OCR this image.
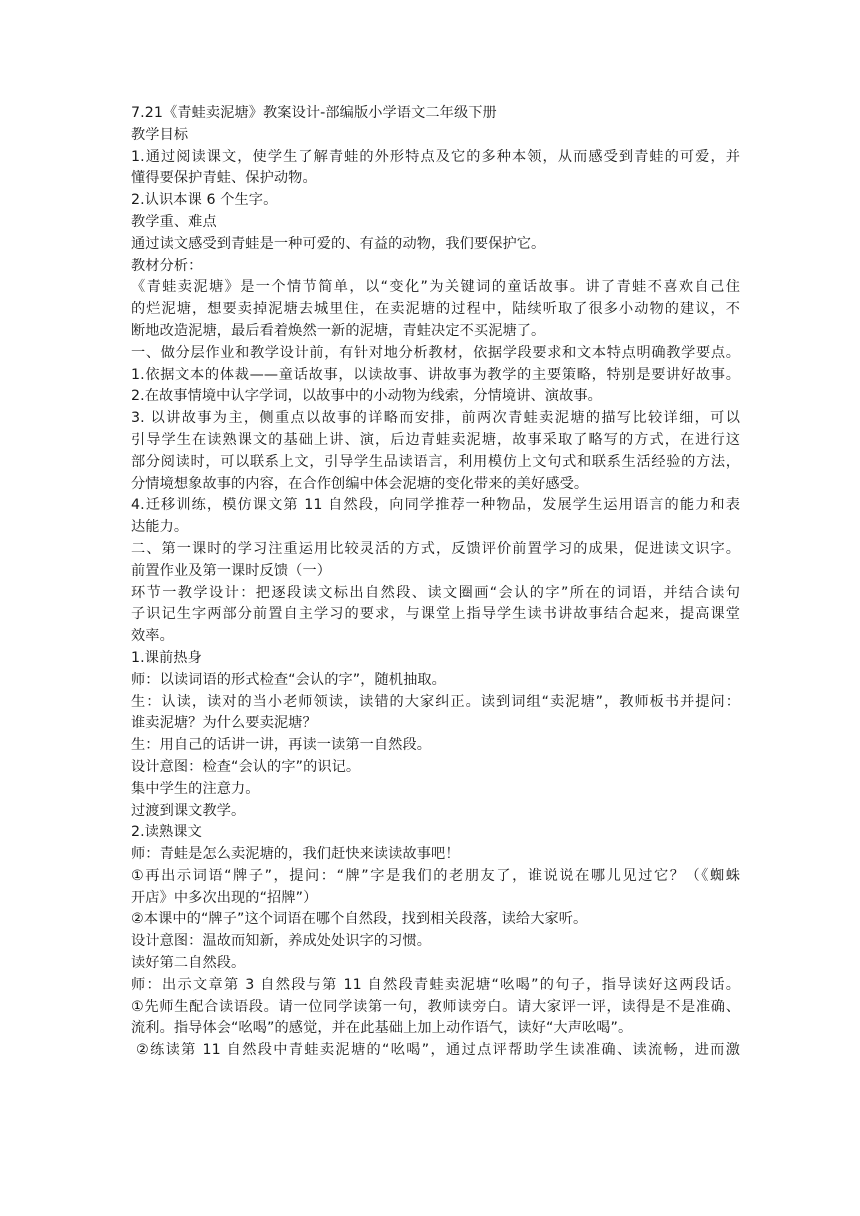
7.21《青蛙卖泥塘》教案设计-部编版小学语文二年级下册
教学目标
1.通过阅读课文，使学生了解青蛙的外形特点及它的多种本领，从而感受到青蛙的可爱，并
懂得要保护青蛙、保护动物。
2.认识本课 6 个生字。
教学重、难点
通过读文感受到青蛙是一种可爱的、有益的动物，我们要保护它。
教材分析：
《青蛙卖泥塘》是一个情节简单，以“变化”为关键词的童话故事。讲了青蛙不喜欢自己住
的烂泥塘，想要卖掉泥塘去城里住，在卖泥塘的过程中，陆续听取了很多小动物的建议，不
断地改造泥塘，最后看着焕然一新的泥塘，青蛙决定不买泥塘了。
一、做分层作业和教学设计前，有针对地分析教材，依据学段要求和文本特点明确教学要点。
1.依据文本的体裁——童话故事，以读故事、讲故事为教学的主要策略，特别是要讲好故事。
2.在故事情境中认字学词，以故事中的小动物为线索，分情境讲、演故事。
3. 以讲故事为主，侧重点以故事的详略而安排，前两次青蛙卖泥塘的描写比较详细，可以
引导学生在读熟课文的基础上讲、演，后边青蛙卖泥塘，故事采取了略写的方式，在进行这
部分阅读时，可以联系上文，引导学生品读语言，利用模仿上文句式和联系生活经验的方法，
分情境想象故事的内容，在合作创编中体会泥塘的变化带来的美好感受。
4.迁移训练，模仿课文第 11 自然段，向同学推荐一种物品，发展学生运用语言的能力和表
达能力。
二、第一课时的学习注重运用比较灵活的方式，反馈评价前置学习的成果，促进读文识字。
前置作业及第一课时反馈（一）
环节一教学设计：把逐段读文标出自然段、读文圈画“会认的字”所在的词语，并结合读句
子识记生字两部分前置自主学习的要求，与课堂上指导学生读书讲故事结合起来，提高课堂
效率。
1.课前热身
师：以读词语的形式检查“会认的字”，随机抽取。
生：认读，读对的当小老师领读，读错的大家纠正。读到词组“卖泥塘”，教师板书并提问：
谁卖泥塘？为什么要卖泥塘？
生：用自己的话讲一讲，再读一读第一自然段。
设计意图：检查“会认的字”的识记。
集中学生的注意力。
过渡到课文教学。
2.读熟课文
师：青蛙是怎么卖泥塘的，我们赶快来读读故事吧！
①再出示词语“牌子”，提问：“牌”字是我们的老朋友了，谁说说在哪儿见过它？（《蜘蛛
开店》中多次出现的“招牌”）
②本课中的“牌子”这个词语在哪个自然段，找到相关段落，读给大家听。
设计意图：温故而知新，养成处处识字的习惯。
读好第二自然段。
师：出示文章第 3 自然段与第 11 自然段青蛙卖泥塘“吆喝”的句子，指导读好这两段话。
①先师生配合读语段。请一位同学读第一句，教师读旁白。请大家评一评，读得是不是准确、
流利。指导体会“吆喝”的感觉，并在此基础上加上动作语气，读好“大声吆喝”。
②练读第 11 自然段中青蛙卖泥塘的“吆喝”，通过点评帮助学生读准确、读流畅，进而激
